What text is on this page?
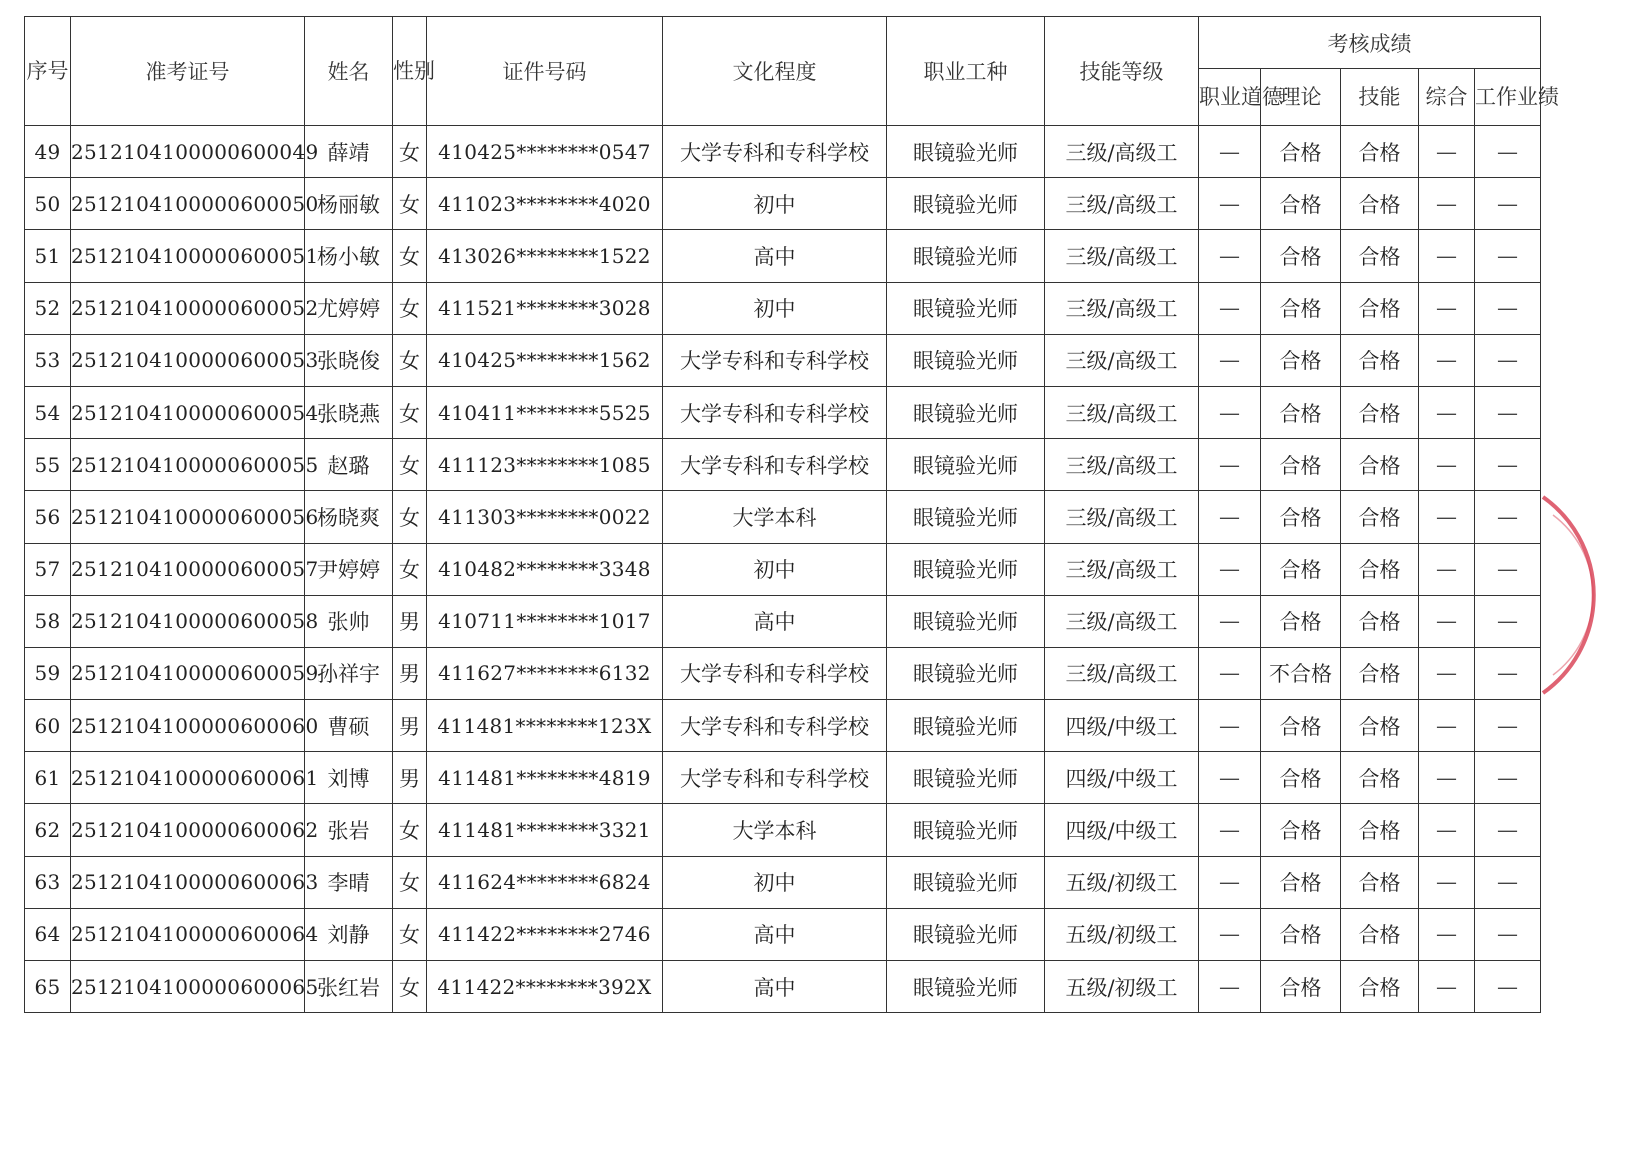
序号	准考证号	姓名	性别	证件号码	文化程度	职业工种	技能等级	考核成绩				

								职业道德	理论	技能	综合	工作业绩

49	2512104100000600049	薛靖	女	410425********0547	大学专科和专科学校	眼镜验光师	三级/高级工	—	合格	合格	—	—
50	2512104100000600050	杨丽敏	女	411023********4020	初中	眼镜验光师	三级/高级工	—	合格	合格	—	—
51	2512104100000600051	杨小敏	女	413026********1522	高中	眼镜验光师	三级/高级工	—	合格	合格	—	—
52	2512104100000600052	尤婷婷	女	411521********3028	初中	眼镜验光师	三级/高级工	—	合格	合格	—	—
53	2512104100000600053	张晓俊	女	410425********1562	大学专科和专科学校	眼镜验光师	三级/高级工	—	合格	合格	—	—
54	2512104100000600054	张晓燕	女	410411********5525	大学专科和专科学校	眼镜验光师	三级/高级工	—	合格	合格	—	—
55	2512104100000600055	赵璐	女	411123********1085	大学专科和专科学校	眼镜验光师	三级/高级工	—	合格	合格	—	—
56	2512104100000600056	杨晓爽	女	411303********0022	大学本科	眼镜验光师	三级/高级工	—	合格	合格	—	—
57	2512104100000600057	尹婷婷	女	410482********3348	初中	眼镜验光师	三级/高级工	—	合格	合格	—	—
58	2512104100000600058	张帅	男	410711********1017	高中	眼镜验光师	三级/高级工	—	合格	合格	—	—
59	2512104100000600059	孙祥宇	男	411627********6132	大学专科和专科学校	眼镜验光师	三级/高级工	—	不合格	合格	—	—
60	2512104100000600060	曹硕	男	411481********123X	大学专科和专科学校	眼镜验光师	四级/中级工	—	合格	合格	—	—
61	2512104100000600061	刘博	男	411481********4819	大学专科和专科学校	眼镜验光师	四级/中级工	—	合格	合格	—	—
62	2512104100000600062	张岩	女	411481********3321	大学本科	眼镜验光师	四级/中级工	—	合格	合格	—	—
63	2512104100000600063	李晴	女	411624********6824	初中	眼镜验光师	五级/初级工	—	合格	合格	—	—
64	2512104100000600064	刘静	女	411422********2746	高中	眼镜验光师	五级/初级工	—	合格	合格	—	—
65	2512104100000600065	张红岩	女	411422********392X	高中	眼镜验光师	五级/初级工	—	合格	合格	—	—
